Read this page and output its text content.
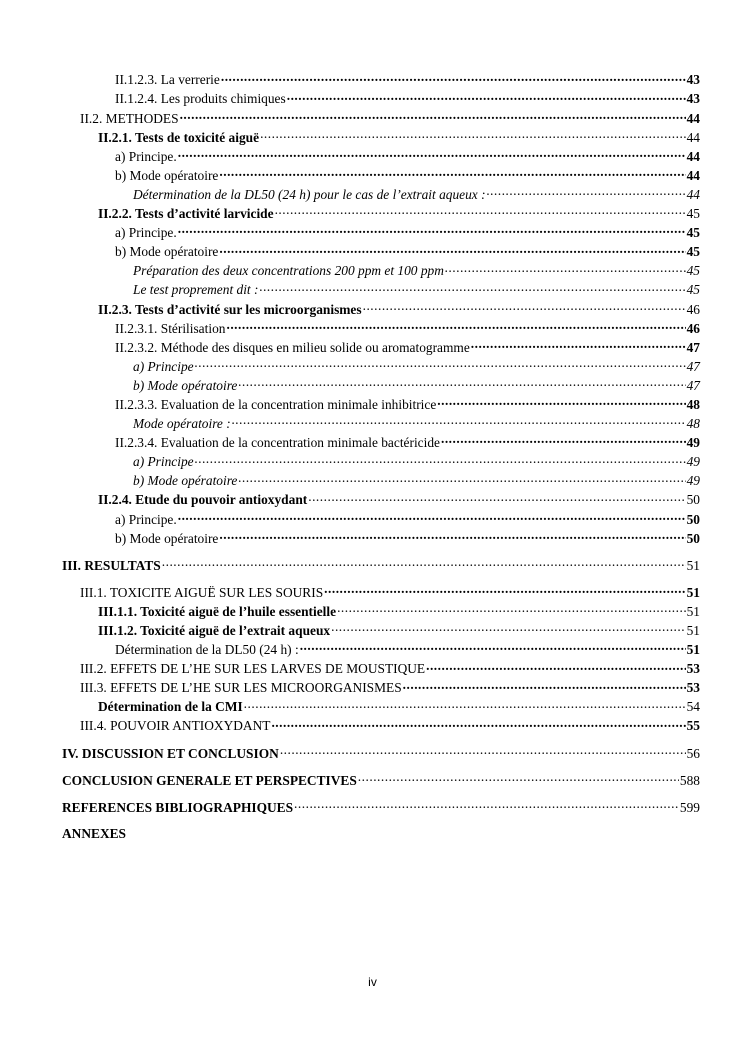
II.1.2.3. La verrerie .....	43
II.1.2.4. Les produits chimiques .....	43
II.2. METHODES .....	44
II.2.1. Tests de toxicité aiguë .....	44
a) Principe. .....	44
b) Mode opératoire .....	44
Détermination de la DL50 (24 h) pour le cas de l’extrait aqueux : .....	44
II.2.2. Tests d’activité larvicide .....	45
a) Principe. .....	45
b) Mode opératoire .....	45
Préparation des deux concentrations 200 ppm et 100 ppm .....	45
Le test proprement dit : .....	45
II.2.3. Tests d’activité sur les microorganismes .....	46
II.2.3.1. Stérilisation .....	46
II.2.3.2. Méthode des disques en milieu solide ou aromatogramme .....	47
a) Principe .....	47
b) Mode opératoire .....	47
II.2.3.3. Evaluation de la concentration minimale inhibitrice .....	48
Mode opératoire : .....	48
II.2.3.4. Evaluation de la concentration minimale bactéricide .....	49
a) Principe .....	49
b) Mode opératoire .....	49
II.2.4. Etude du pouvoir antioxydant .....	50
a) Principe. .....	50
b) Mode opératoire .....	50
III. RESULTATS .....	51
III.1. TOXICITE AIGUË SUR LES SOURIS .....	51
III.1.1. Toxicité aiguë de l’huile essentielle .....	51
III.1.2. Toxicité aiguë de l’extrait aqueux .....	51
Détermination de la DL50 (24 h) : .....	51
III.2. EFFETS DE L’HE SUR LES LARVES DE MOUSTIQUE .....	53
III.3. EFFETS DE L’HE SUR LES MICROORGANISMES .....	53
Détermination de la CMI .....	54
III.4. POUVOIR ANTIOXYDANT .....	55
IV. DISCUSSION ET CONCLUSION .....	56
CONCLUSION GENERALE ET PERSPECTIVES .....	588
REFERENCES BIBLIOGRAPHIQUES .....	599
ANNEXES
iv
